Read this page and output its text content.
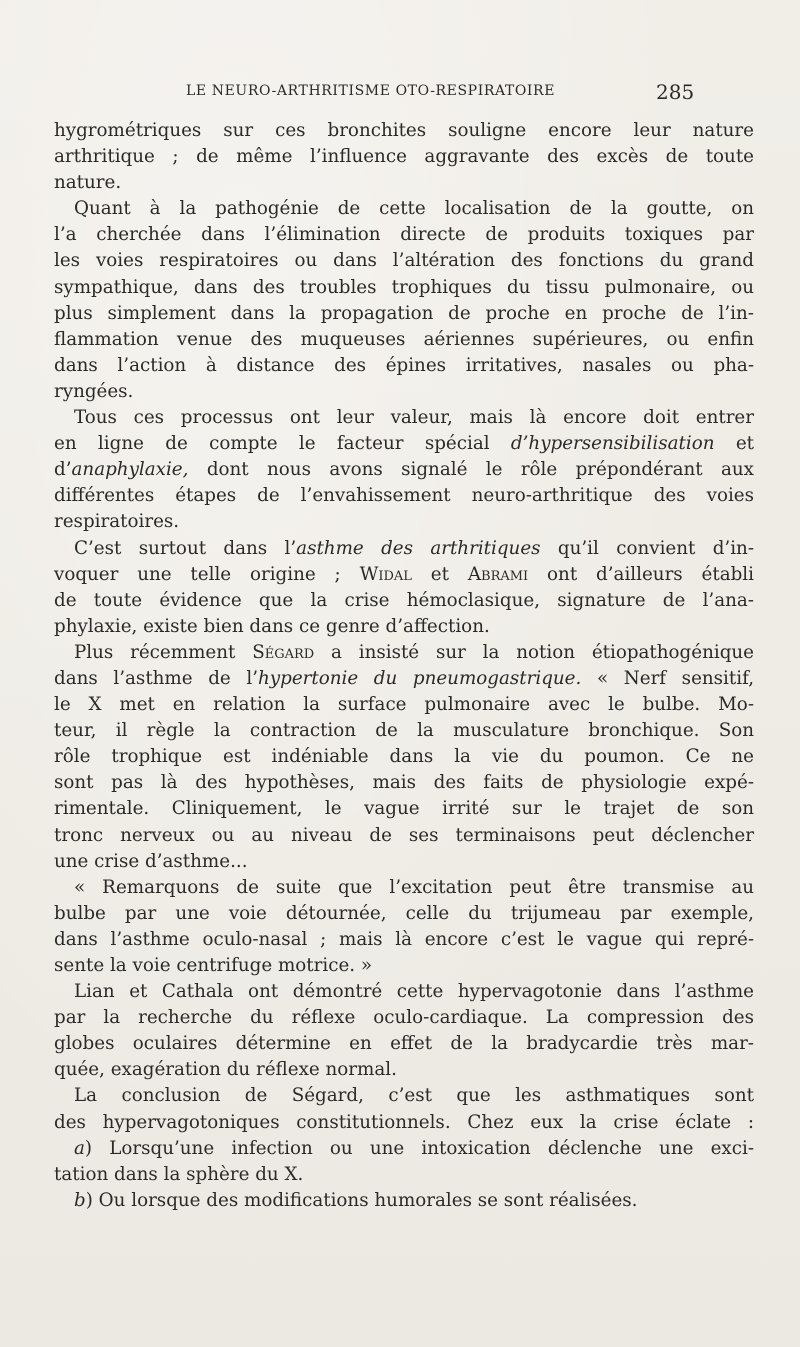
LE NEURO-ARTHRITISME OTO-RESPIRATOIRE	285
hygrométriques sur ces bronchites souligne encore leur nature
arthritique ; de même l’influence aggravante des excès de toute
nature.
Quant à la pathogénie de cette localisation de la goutte, on
l’a cherchée dans l’élimination directe de produits toxiques par
les voies respiratoires ou dans l’altération des fonctions du grand
sympathique, dans des troubles trophiques du tissu pulmonaire, ou
plus simplement dans la propagation de proche en proche de l’in-
flammation venue des muqueuses aériennes supérieures, ou enfin
dans l’action à distance des épines irritatives, nasales ou pha-
ryngées.
Tous ces processus ont leur valeur, mais là encore doit entrer
en ligne de compte le facteur spécial d’hypersensibilisation et
d’anaphylaxie, dont nous avons signalé le rôle prépondérant aux
différentes étapes de l’envahissement neuro-arthritique des voies
respiratoires.
C’est surtout dans l’asthme des arthritiques qu’il convient d’in-
voquer une telle origine ; Widal et Abrami ont d’ailleurs établi
de toute évidence que la crise hémoclasique, signature de l’ana-
phylaxie, existe bien dans ce genre d’affection.
Plus récemment Ségard a insisté sur la notion étiopathogénique
dans l’asthme de l’hypertonie du pneumogastrique. « Nerf sensitif,
le X met en relation la surface pulmonaire avec le bulbe. Mo-
teur, il règle la contraction de la musculature bronchique. Son
rôle trophique est indéniable dans la vie du poumon. Ce ne
sont pas là des hypothèses, mais des faits de physiologie expé-
rimentale. Cliniquement, le vague irrité sur le trajet de son
tronc nerveux ou au niveau de ses terminaisons peut déclencher
une crise d’asthme...
« Remarquons de suite que l’excitation peut être transmise au
bulbe par une voie détournée, celle du trijumeau par exemple,
dans l’asthme oculo-nasal ; mais là encore c’est le vague qui repré-
sente la voie centrifuge motrice. »
Lian et Cathala ont démontré cette hypervagotonie dans l’asthme
par la recherche du réflexe oculo-cardiaque. La compression des
globes oculaires détermine en effet de la bradycardie très mar-
quée, exagération du réflexe normal.
La conclusion de Ségard, c’est que les asthmatiques sont
des hypervagotoniques constitutionnels. Chez eux la crise éclate :
a) Lorsqu’une infection ou une intoxication déclenche une exci-
tation dans la sphère du X.
b) Ou lorsque des modifications humorales se sont réalisées.
